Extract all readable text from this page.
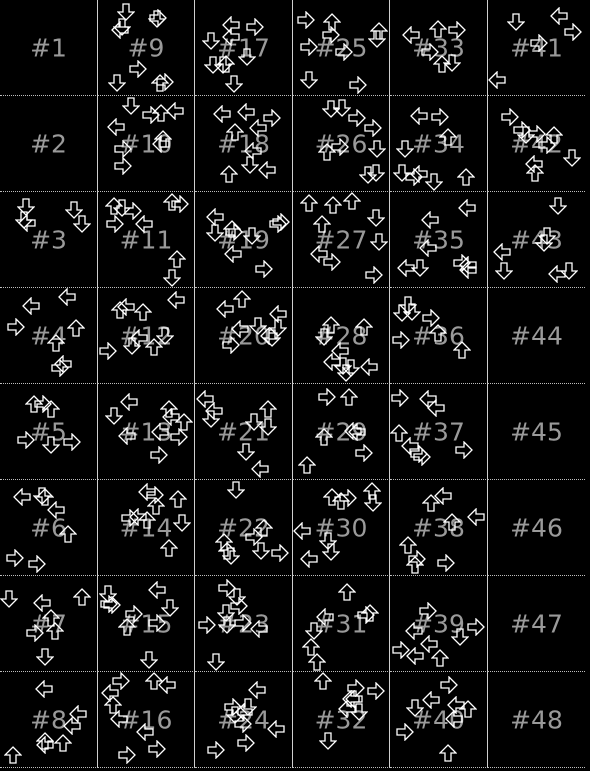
#1	#9	#17	#25	#33	#41
#2	#10	#18	#26	#34	#42
#3	#11	#19	#27	#35	#43
#4	#12	#20	#28	#36	#44
#5	#13	#21	#29	#37	#45
#6	#14	#22	#30	#38	#46
#7	#15	#23	#31	#39	#47
#8	#16	#24	#32	#40	#48
